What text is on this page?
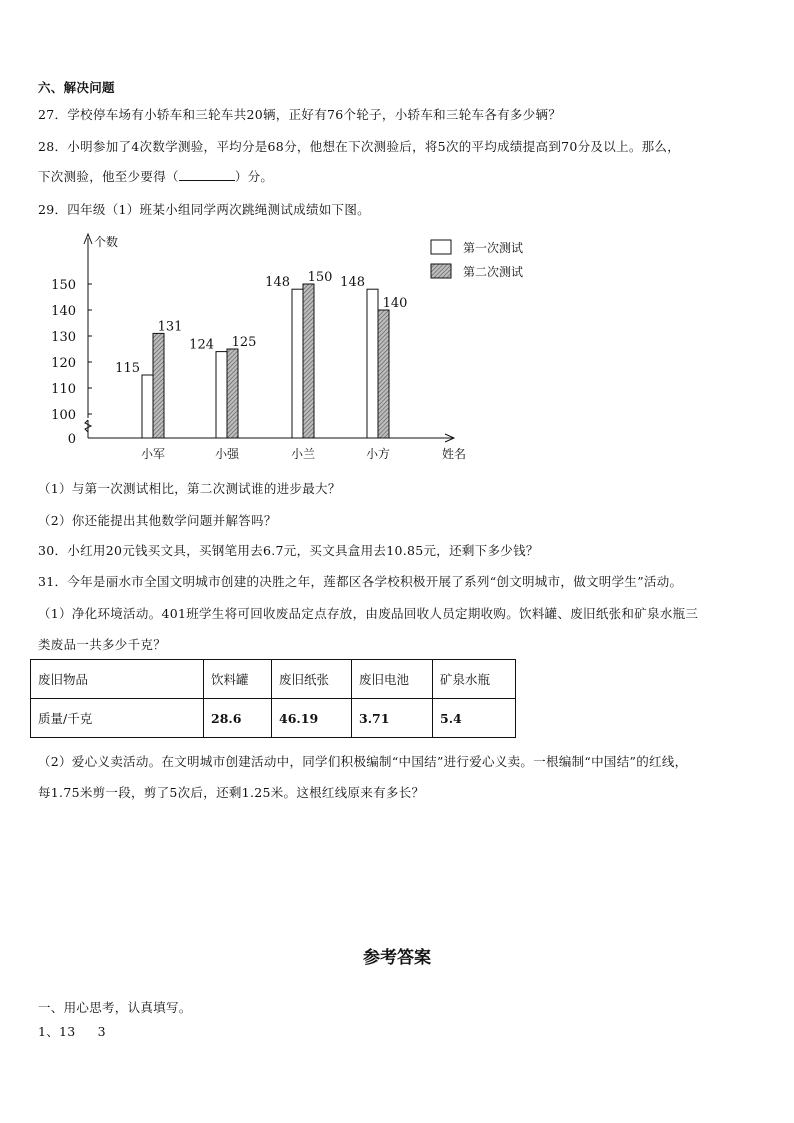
六、解决问题
27．学校停车场有小轿车和三轮车共20辆，正好有76个轮子，小轿车和三轮车各有多少辆？
28．小明参加了4次数学测验，平均分是68分，他想在下次测验后，将5次的平均成绩提高到70分及以上。那么，
下次测验，他至少要得（	）分。
29．四年级（1）班某小组同学两次跳绳测试成绩如下图。
0
100
110
120
130
140
150
个数
姓名
115
131
小军
124 125
小强
148 150
小兰
148
140
小方
第一次测试
第二次测试
（1）与第一次测试相比，第二次测试谁的进步最大？
（2）你还能提出其他数学问题并解答吗？
30．小红用20元钱买文具，买钢笔用去6.7元，买文具盒用去10.85元，还剩下多少钱？
31．今年是丽水市全国文明城市创建的决胜之年，莲都区各学校积极开展了系列“创文明城市，做文明学生”活动。
（1）净化环境活动。401班学生将可回收废品定点存放，由废品回收人员定期收购。饮料罐、废旧纸张和矿泉水瓶三
类废品一共多少千克？
废旧物品	饮料罐	废旧纸张	废旧电池	矿泉水瓶
质量/千克	28.6	46.19	3.71	5.4
（2）爱心义卖活动。在文明城市创建活动中，同学们积极编制“中国结”进行爱心义卖。一根编制“中国结”的红线，
每1.75米剪一段，剪了5次后，还剩1.25米。这根红线原来有多长？
参考答案
一、用心思考，认真填写。
1、13 3
